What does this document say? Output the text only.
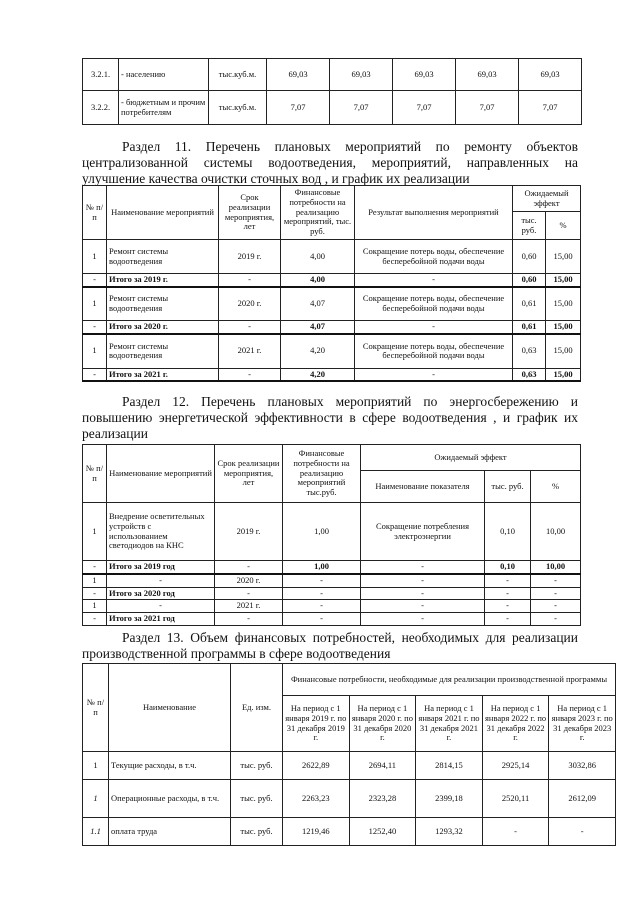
3.2.1.	- населению	тыс.куб.м.	69,03	69,03	69,03	69,03	69,03
3.2.2.	- бюджетным и прочим потребителям	тыс.куб.м.	7,07	7,07	7,07	7,07	7,07
Раздел 11. Перечень плановых мероприятий по ремонту объектов централизованной системы водоотведения, мероприятий, направленных на улучшение качества очистки сточных вод , и график их реализации
№ п/п	Наименование мероприятий	Срок реализации мероприятия, лет	Финансовые потребности на реализацию мероприятий, тыс. руб.	Результат выполнения мероприятий	Ожидаемый эффект	
					тыс. руб.	%
1	Ремонт системы водоотведения	2019 г.	4,00	Сокращение потерь воды, обеспечение бесперебойной подачи воды	0,60	15,00
-	Итого за 2019 г.	-	4,00	-	0,60	15,00
1	Ремонт системы водоотведения	2020 г.	4,07	Сокращение потерь воды, обеспечение бесперебойной подачи воды	0,61	15,00
-	Итого за 2020 г.	-	4,07	-	0,61	15,00
1	Ремонт системы водоотведения	2021 г.	4,20	Сокращение потерь воды, обеспечение бесперебойной подачи воды	0,63	15,00
-	Итого за 2021 г.	-	4,20	-	0,63	15,00
Раздел 12. Перечень плановых мероприятий по энергосбережению и повышению энергетической эффективности в сфере водоотведения , и график их реализации
№ п/п	Наименование мероприятий	Срок реализации мероприятия, лет	Финансовые потребности на реализацию мероприятий тыс.руб.	Ожидаемый эффект		
				Наименование показателя	тыс. руб.	%
1	Внедрение осветительных устройств с использованием светодиодов на КНС	2019 г.	1,00	Сокращение потребления электроэнергии	0,10	10,00
-	Итого за 2019 год	-	1,00	-	0,10	10,00
1	-	2020 г.	-	-	-	-
-	Итого за 2020 год	-	-	-	-	-
1	-	2021 г.	-	-	-	-
-	Итого за 2021 год	-	-	-	-	-
Раздел 13. Объем финансовых потребностей, необходимых для реализации производственной программы в сфере водоотведения
№ п/п	Наименование	Ед. изм.	Финансовые потребности, необходимые для реализации производственной программы				
			На период с 1 января 2019 г. по 31 декабря 2019 г.	На период с 1 января 2020 г. по 31 декабря 2020 г.	На период с 1 января 2021 г. по 31 декабря 2021 г.	На период с 1 января 2022 г. по 31 декабря 2022 г.	На период с 1 января 2023 г. по 31 декабря 2023 г.
1	Текущие расходы, в т.ч.	тыс. руб.	2622,89	2694,11	2814,15	2925,14	3032,86
1	Операционные расходы, в т.ч.	тыс. руб.	2263,23	2323,28	2399,18	2520,11	2612,09
1.1	оплата труда	тыс. руб.	1219,46	1252,40	1293,32	-	-
